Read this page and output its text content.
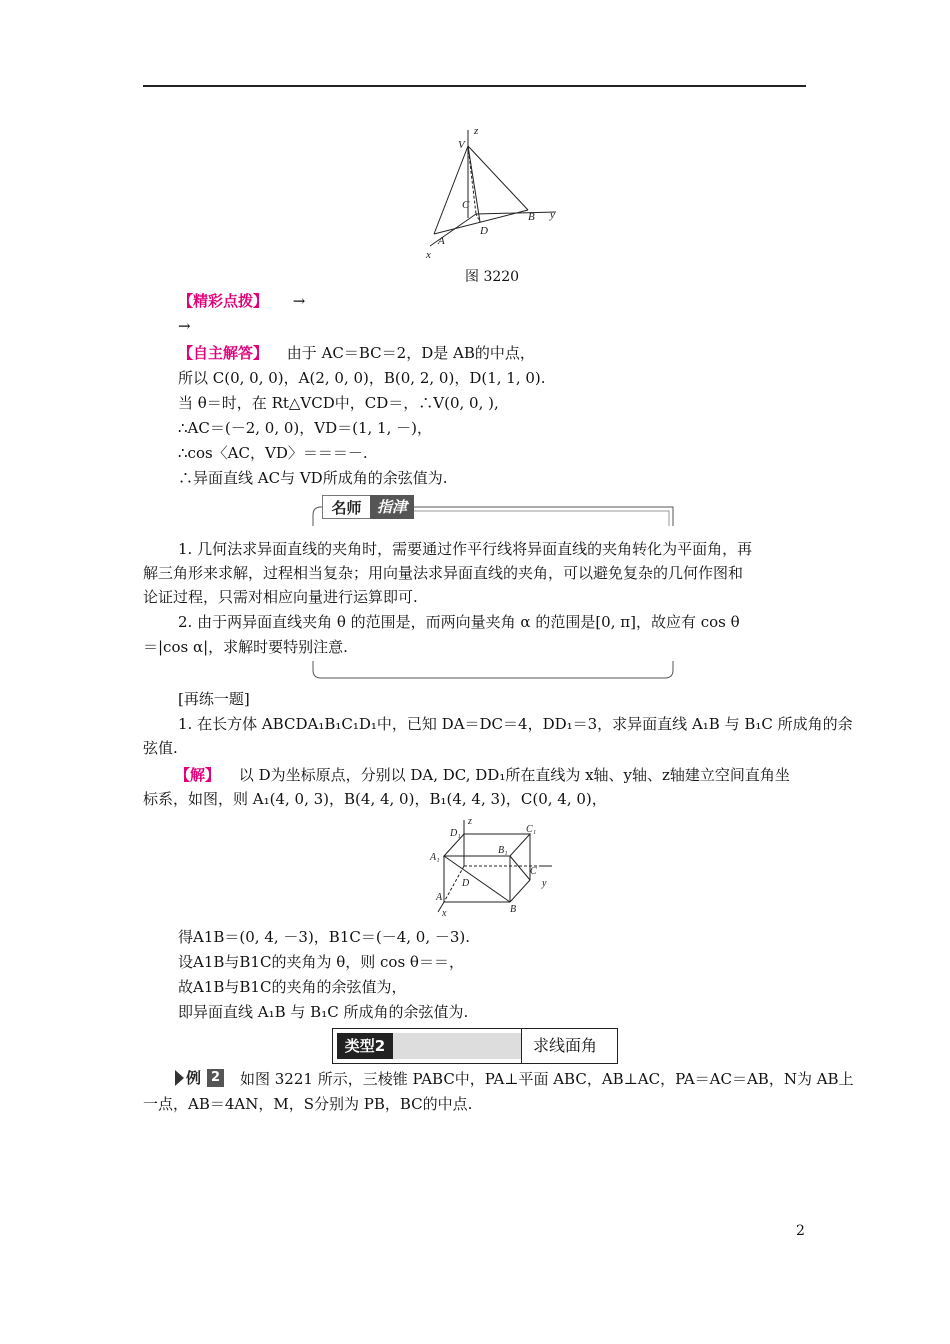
z
V
C
B y
D
A
x
图 3220
【精彩点拨】 →
→
【自主解答】 由于 AC＝BC＝2，D是 AB的中点，
所以 C(0, 0, 0)，A(2, 0, 0)，B(0, 2, 0)，D(1, 1, 0).
当 θ＝时，在 Rt△VCD中，CD＝，∴V(0, 0, ),
∴AC＝(－2, 0, 0)，VD＝(1, 1, －)，
∴cos〈AC，VD〉＝＝＝－.
∴异面直线 AC与 VD所成角的余弦值为.
名师	指津
1. 几何法求异面直线的夹角时，需要通过作平行线将异面直线的夹角转化为平面角，再
解三角形来求解，过程相当复杂；用向量法求异面直线的夹角，可以避免复杂的几何作图和
论证过程，只需对相应向量进行运算即可.
2. 由于两异面直线夹角 θ 的范围是，而两向量夹角 α 的范围是[0, π]，故应有 cos θ
＝|cos α|，求解时要特别注意.
[再练一题]
1. 在长方体 ABCDA₁B₁C₁D₁中，已知 DA＝DC＝4，DD₁＝3，求异面直线 A₁B 与 B₁C 所成角的余
弦值.
【解】 以 D为坐标原点，分别以 DA, DC, DD₁所在直线为 x轴、y轴、z轴建立空间直角坐
标系，如图，则 A₁(4, 0, 3)，B(4, 4, 0)，B₁(4, 4, 3)，C(0, 4, 0)，
D₁
z
C₁
B₁
A₁
C
y
D
A
B
x
得A1B＝(0, 4, －3)，B1C＝(－4, 0, －3).
设A1B与B1C的夹角为 θ，则 cos θ＝＝，
故A1B与B1C的夹角的余弦值为，
即异面直线 A₁B 与 B₁C 所成角的余弦值为.
类型2	求线面角
例 2 如图 3221 所示，三棱锥 PABC中，PA⊥平面 ABC，AB⊥AC，PA＝AC＝AB，N为 AB上
一点，AB＝4AN，M，S分别为 PB，BC的中点.
2
